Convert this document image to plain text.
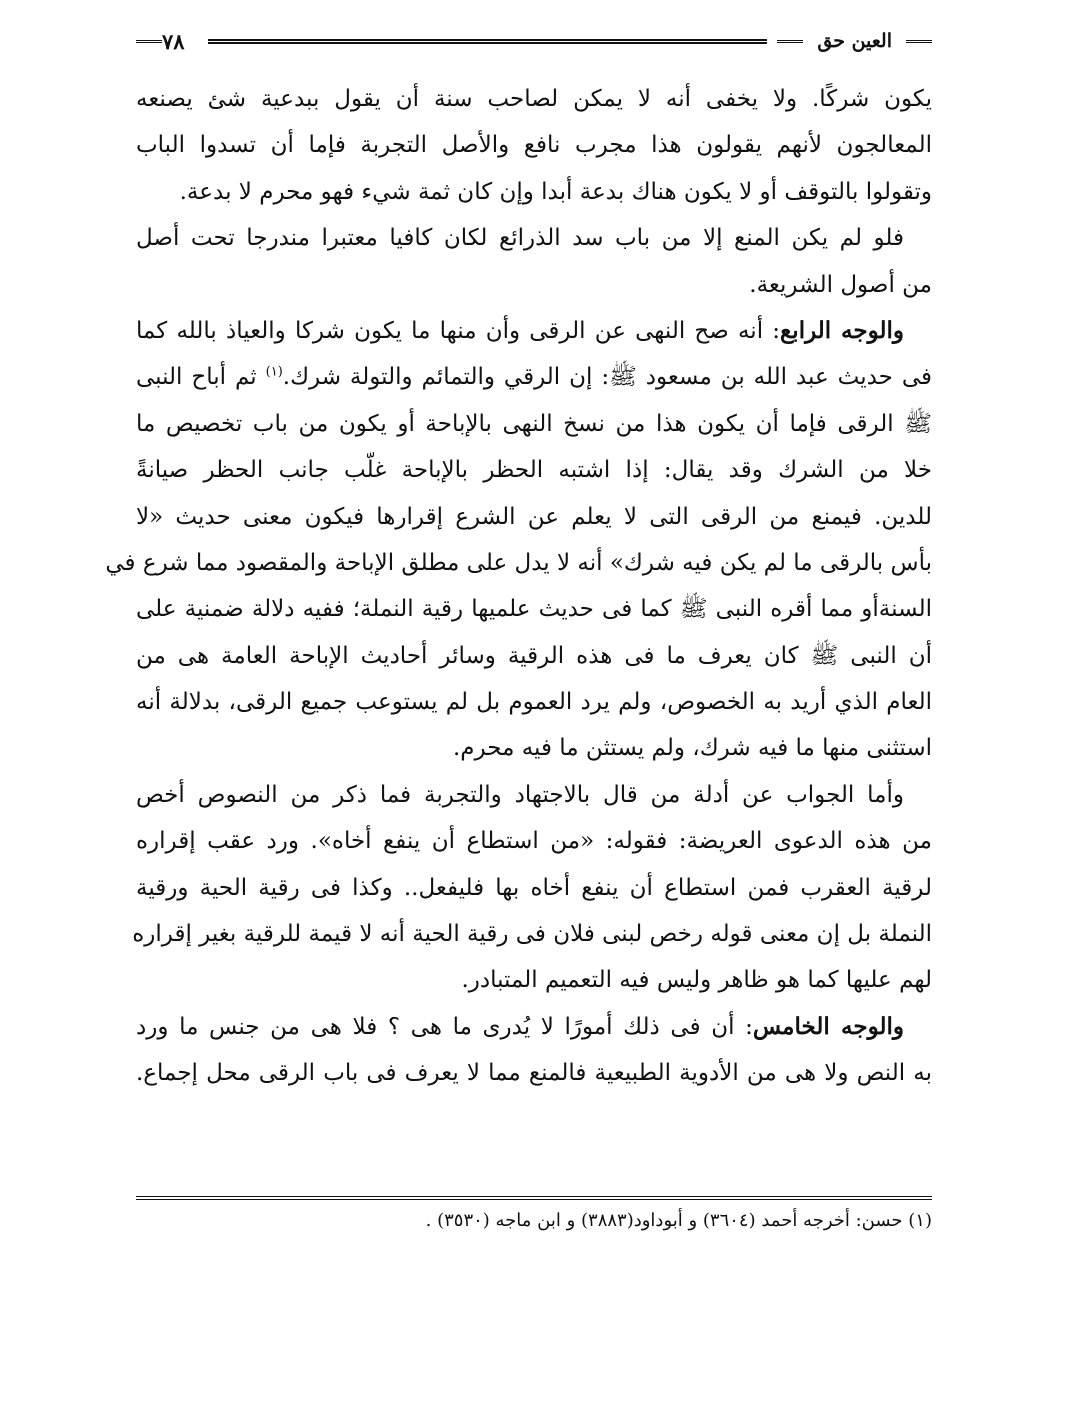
العين حق
٧٨

يكون شركًا. ولا يخفى أنه لا يمكن لصاحب سنة أن يقول ببدعية شئ يصنعه
المعالجون لأنهم يقولون هذا مجرب نافع والأصل التجربة فإما أن تسدوا الباب
وتقولوا بالتوقف أو لا يكون هناك بدعة أبدا وإن كان ثمة شيء فهو محرم لا بدعة.

فلو لم يكن المنع إلا من باب سد الذرائع لكان كافيا معتبرا مندرجا تحت أصل
من أصول الشريعة.

والوجه الرابع: أنه صح النهى عن الرقى وأن منها ما يكون شركا والعياذ بالله كما
فى حديث عبد الله بن مسعود ﷺ: إن الرقي والتمائم والتولة شرك.$^{(١)}$ ثم أباح النبى
ﷺ الرقى فإما أن يكون هذا من نسخ النهى بالإباحة أو يكون من باب تخصيص ما
خلا من الشرك وقد يقال: إذا اشتبه الحظر بالإباحة غلّب جانب الحظر صيانةً
للدين. فيمنع من الرقى التى لا يعلم عن الشرع إقرارها فيكون معنى حديث «لا
بأس بالرقى ما لم يكن فيه شرك» أنه لا يدل على مطلق الإباحة والمقصود مما شرع في
السنةأو مما أقره النبى ﷺ كما فى حديث علميها رقية النملة؛ ففيه دلالة ضمنية على
أن النبى ﷺ كان يعرف ما فى هذه الرقية وسائر أحاديث الإباحة العامة هى من
العام الذي أريد به الخصوص، ولم يرد العموم بل لم يستوعب جميع الرقى، بدلالة أنه
استثنى منها ما فيه شرك، ولم يستثن ما فيه محرم.

وأما الجواب عن أدلة من قال بالاجتهاد والتجربة فما ذكر من النصوص أخص
من هذه الدعوى العريضة: فقوله: «من استطاع أن ينفع أخاه». ورد عقب إقراره
لرقية العقرب فمن استطاع أن ينفع أخاه بها فليفعل.. وكذا فى رقية الحية ورقية
النملة بل إن معنى قوله رخص لبنى فلان فى رقية الحية أنه لا قيمة للرقية بغير إقراره
لهم عليها كما هو ظاهر وليس فيه التعميم المتبادر.

والوجه الخامس: أن فى ذلك أمورًا لا يُدرى ما هى ؟ فلا هى من جنس ما ورد
به النص ولا هى من الأدوية الطبيعية فالمنع مما لا يعرف فى باب الرقى محل إجماع.

(١) حسن: أخرجه أحمد (٣٦٠٤) و أبوداود(٣٨٨٣) و ابن ماجه (٣٥٣٠) .
